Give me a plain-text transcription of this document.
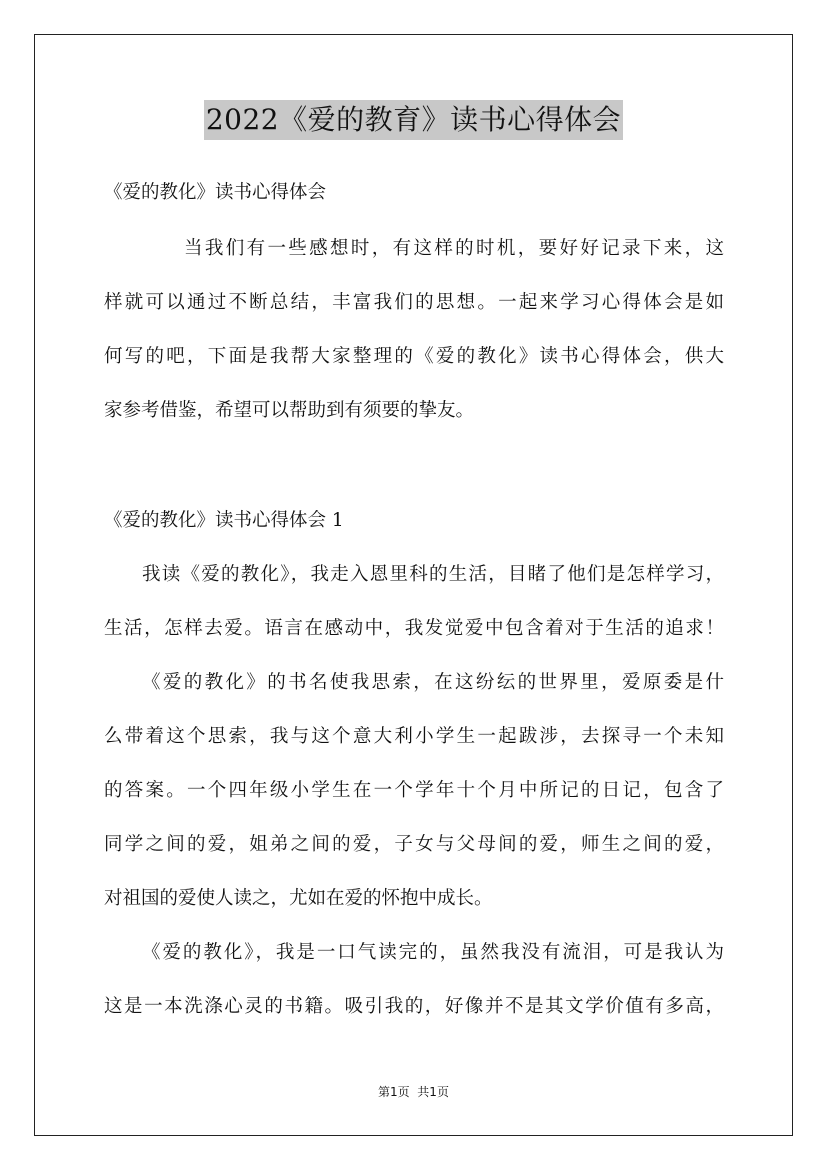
2022《爱的教育》读书心得体会
《爱的教化》读书心得体会
当我们有一些感想时，有这样的时机，要好好记录下来，这
样就可以通过不断总结，丰富我们的思想。一起来学习心得体会是如
何写的吧，下面是我帮大家整理的《爱的教化》读书心得体会，供大
家参考借鉴，希望可以帮助到有须要的挚友。
《爱的教化》读书心得体会 1
我读《爱的教化》，我走入恩里科的生活，目睹了他们是怎样学习，
生活，怎样去爱。语言在感动中，我发觉爱中包含着对于生活的追求！
《爱的教化》的书名使我思索，在这纷纭的世界里，爱原委是什
么带着这个思索，我与这个意大利小学生一起跋涉，去探寻一个未知
的答案。一个四年级小学生在一个学年十个月中所记的日记，包含了
同学之间的爱，姐弟之间的爱，子女与父母间的爱，师生之间的爱，
对祖国的爱使人读之，尤如在爱的怀抱中成长。
《爱的教化》，我是一口气读完的，虽然我没有流泪，可是我认为
这是一本洗涤心灵的书籍。吸引我的，好像并不是其文学价值有多高，
第1页  共1页
